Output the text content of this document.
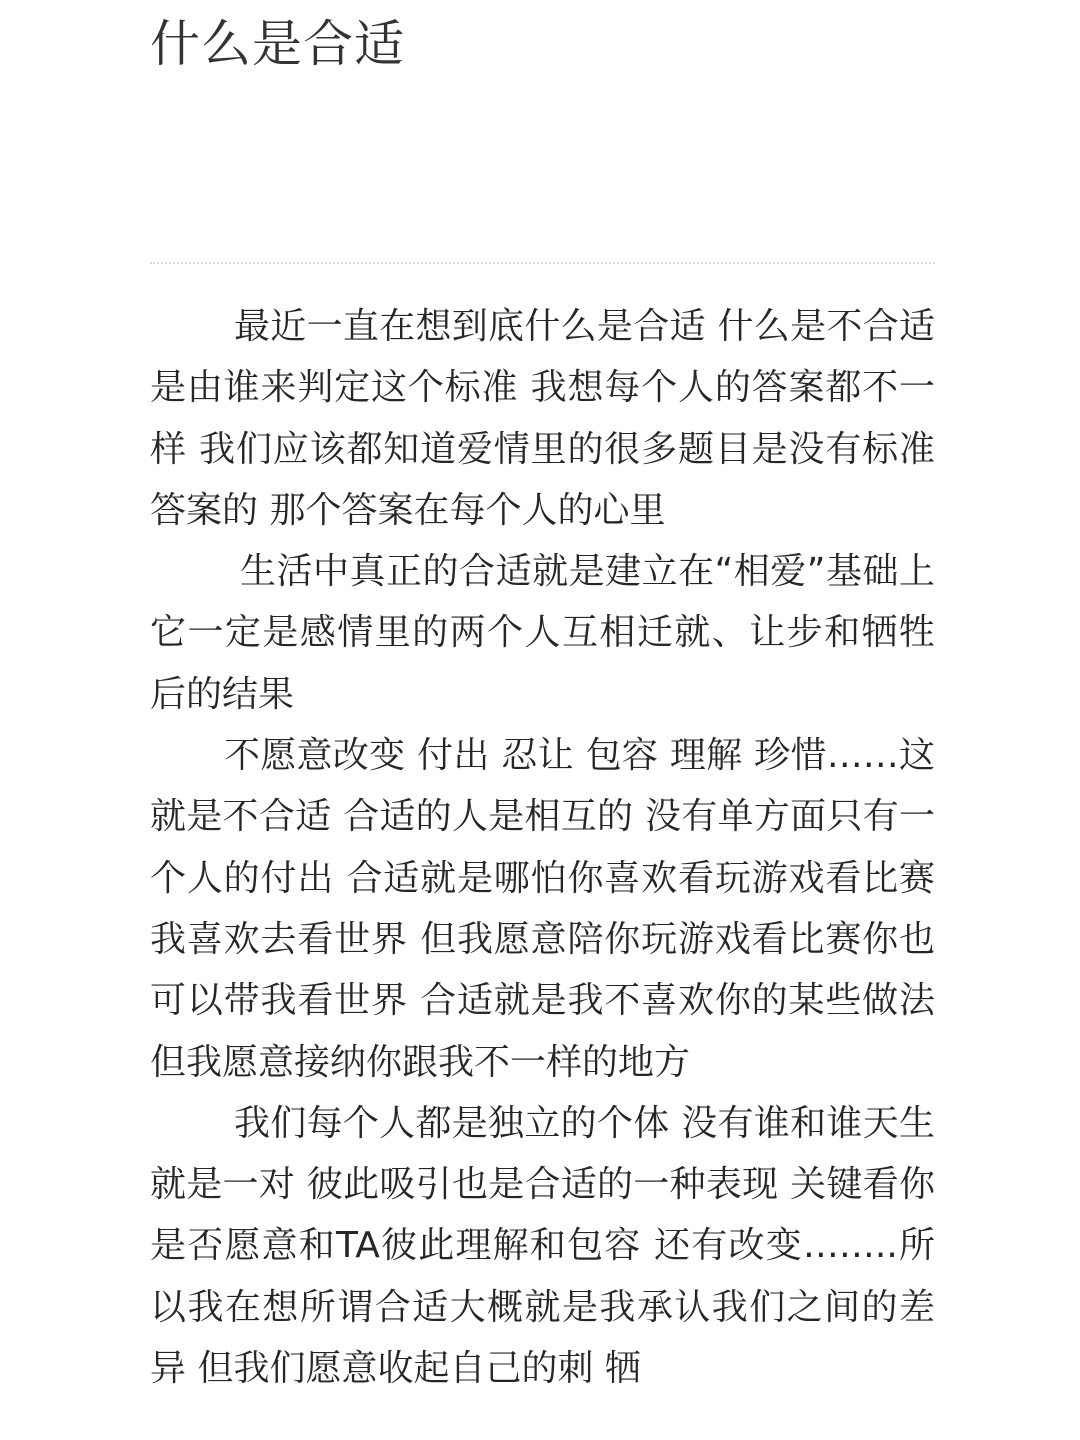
什么是合适

最近一直在想到底什么是合适 什么是不合适 是由谁来判定这个标准 我想每个人的答案都不一样 我们应该都知道爱情里的很多题目是没有标准答案的 那个答案在每个人的心里

生活中真正的合适就是建立在“相爱”基础上 它一定是感情里的两个人互相迁就、让步和牺牲后的结果

不愿意改变 付出 忍让 包容 理解 珍惜……这就是不合适 合适的人是相互的 没有单方面只有一个人的付出 合适就是哪怕你喜欢看玩游戏看比赛我喜欢去看世界 但我愿意陪你玩游戏看比赛你也可以带我看世界 合适就是我不喜欢你的某些做法 但我愿意接纳你跟我不一样的地方

我们每个人都是独立的个体 没有谁和谁天生就是一对 彼此吸引也是合适的一种表现 关键看你是否愿意和TA彼此理解和包容 还有改变……..所以我在想所谓合适大概就是我承认我们之间的差异 但我们愿意收起自己的刺 牺
